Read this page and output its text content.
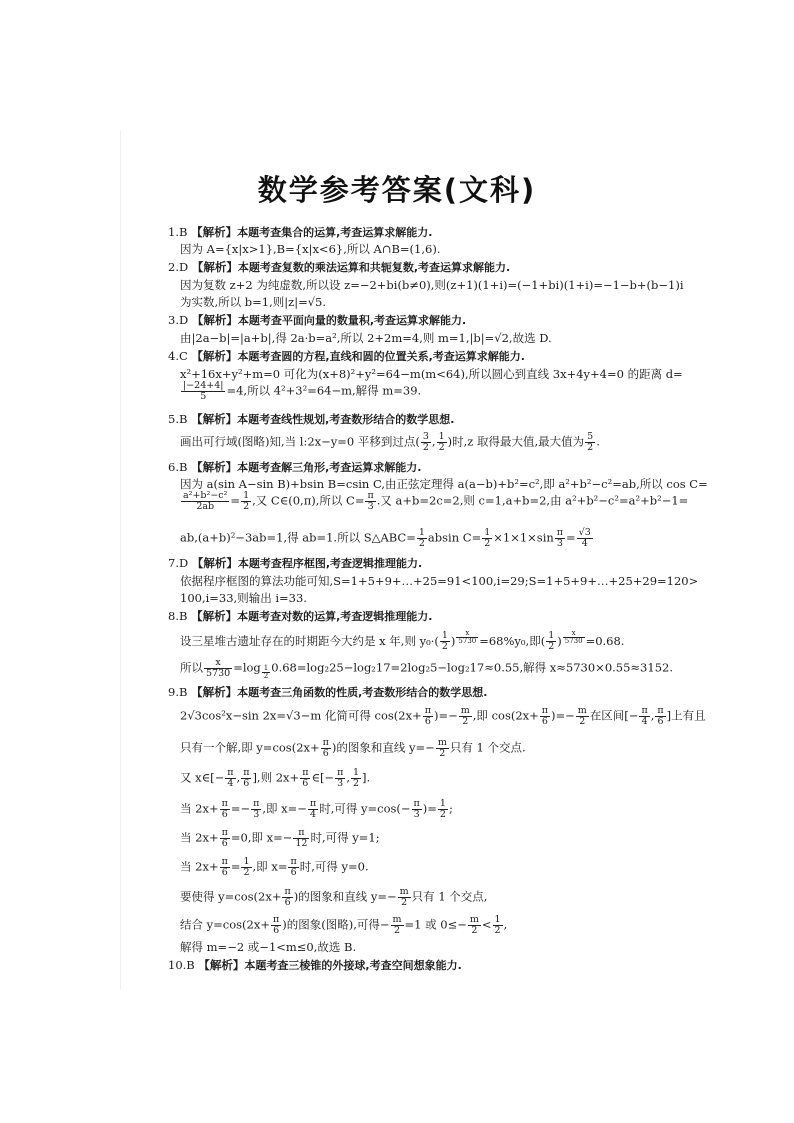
数学参考答案(文科)
1.B 【解析】本题考查集合的运算,考查运算求解能力.
因为 A={x|x>1},B={x|x<6},所以 A∩B=(1,6).
2.D 【解析】本题考查复数的乘法运算和共轭复数,考查运算求解能力.
因为复数 z+2 为纯虚数,所以设 z=−2+bi(b≠0),则(z+1)(1+i)=(−1+bi)(1+i)=−1−b+(b−1)i
为实数,所以 b=1,则|z|=√5.
3.D 【解析】本题考查平面向量的数量积,考查运算求解能力.
由|2a−b|=|a+b|,得 2a·b=a²,所以 2+2m=4,则 m=1,|b|=√2,故选 D.
4.C 【解析】本题考查圆的方程,直线和圆的位置关系,考查运算求解能力.
x²+16x+y²+m=0 可化为(x+8)²+y²=64−m(m<64),所以圆心到直线 3x+4y+4=0 的距离 d=
$\frac{|-24+4|}{5} =4$,所以 4²+3²=64−m,解得 m=39.
5.B 【解析】本题考查线性规划,考查数形结合的数学思想.
画出可行域(图略)知,当 l:2x−y=0 平移到过点( $\frac{3}{2}$ , $\frac{1}{2}$ )时,z 取得最大值,最大值为 $\frac{5}{2}$ .
6.B 【解析】本题考查解三角形,考查运算求解能力.
因为 a(sin A−sin B)+bsin B=csin C,由正弦定理得 a(a−b)+b²=c²,即 a²+b²−c²=ab,所以 cos C=
$\frac{\text{a²+b²−c²}}{2ab} = \frac{1}{2}$ ,又 C∈(0,π),所以 $C= \frac{\pi}{3}$ .又 a+b=2c=2,则 c=1,a+b=2,由 a²+b²−c²=a²+b²−1=
ab,(a+b)²−3ab=1,得 ab=1.所以 S△ABC= $\frac{1}{2}$ absin $C= \frac{1}{2} \times 1\times 1\times\sin \frac{\pi}{3} = \frac{√3}{4}$
7.D 【解析】本题考查程序框图,考查逻辑推理能力.
依据程序框图的算法功能可知,S=1+5+9+…+25=91<100,i=29;S=1+5+9+…+25+29=120>
100,i=33,则输出 i=33.
8.B 【解析】本题考查对数的运算,考查逻辑推理能力.
设三星堆古遗址存在的时期距今大约是 x 年,则 $y_0\cdot( \frac{1}{2}$ ) $^{\frac{x}{5730}}$ =68%y₀,即( $\frac{1}{2}$ ) $^{\frac{x}{5730}}$ =0.68.
所以 $\frac{x}{5730} =\log$ $_{\frac{1}{2}}$ 0.68=log₂25−log₂17=2log₂5−log₂17≈0.55,解得 x≈5730×0.55≈3152.
9.B 【解析】本题考查三角函数的性质,考查数形结合的数学思想.
2√3cos²x−sin 2x=√3−m 化简可得 $\cos(2x+ \frac{\pi}{6}$ )=− $\frac{m}{2}$ ,即 $\cos(2x+ \frac{\pi}{6}$ )=− $\frac{m}{2}$ 在区间[− $\frac{\pi}{4}$ , $\frac{\pi}{6}$ ]上有且
只有一个解,即 $y=\cos(2x+ \frac{\pi}{6}$ )的图象和直线 $y=- \frac{m}{2}$ 只有 1 个交点.
又 x∈[− $\frac{\pi}{4}$ , $\frac{\pi}{6}$ ],则 $2x+ \frac{\pi}{6}$ ∈[− $\frac{\pi}{3}$ , $\frac{1}{2}$ ].
当 $2x+ \frac{\pi}{6} =- \frac{\pi}{3}$ ,即 $x=- \frac{\pi}{4}$ 时,可得 $y=\cos(- \frac{\pi}{3}$ )= $\frac{1}{2}$ ;
当 $2x+ \frac{\pi}{6} =0$,即 $x=- \frac{\pi}{12}$ 时,可得 y=1;
当 $2x+ \frac{\pi}{6} = \frac{1}{2}$ ,即 $x= \frac{\pi}{6}$ 时,可得 y=0.
要使得 $y=\cos(2x+ \frac{\pi}{6}$ )的图象和直线 $y=- \frac{m}{2}$ 只有 1 个交点,
结合 $y=\cos(2x+ \frac{\pi}{6}$ )的图象(图略),可得− $\frac{m}{2} =1$ 或 $0\le- \frac{m}{2} < \frac{1}{2}$ ,
解得 m=−2 或−1<m≤0,故选 B.
10.B 【解析】本题考查三棱锥的外接球,考查空间想象能力.
